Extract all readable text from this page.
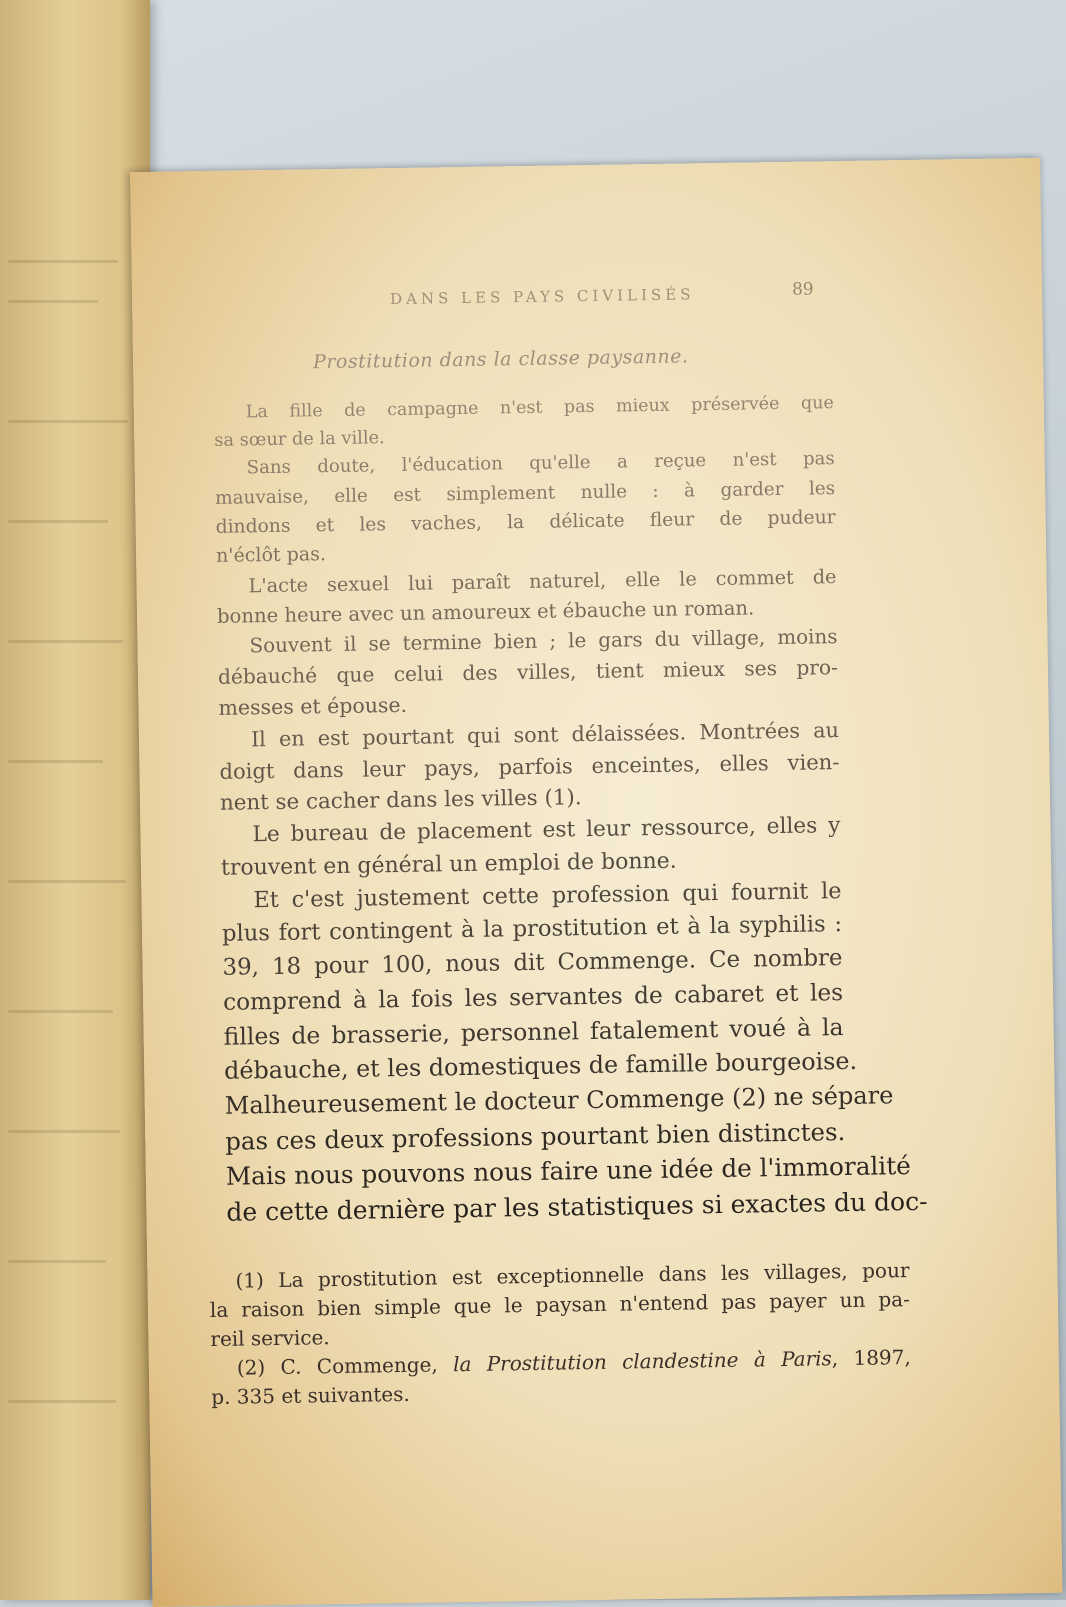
DANS LES PAYS CIVILISÉS	89
Prostitution dans la classe paysanne.
La fille de campagne n'est pas mieux préservée que
sa sœur de la ville.
Sans doute, l'éducation qu'elle a reçue n'est pas
mauvaise, elle est simplement nulle : à garder les
dindons et les vaches, la délicate fleur de pudeur
n'éclôt pas.
L'acte sexuel lui paraît naturel, elle le commet de
bonne heure avec un amoureux et ébauche un roman.
Souvent il se termine bien ; le gars du village, moins
débauché que celui des villes, tient mieux ses pro-
messes et épouse.
Il en est pourtant qui sont délaissées. Montrées au
doigt dans leur pays, parfois enceintes, elles vien-
nent se cacher dans les villes (1).
Le bureau de placement est leur ressource, elles y
trouvent en général un emploi de bonne.
Et c'est justement cette profession qui fournit le
plus fort contingent à la prostitution et à la syphilis :
39, 18 pour 100, nous dit Commenge. Ce nombre
comprend à la fois les servantes de cabaret et les
filles de brasserie, personnel fatalement voué à la
débauche, et les domestiques de famille bourgeoise.
Malheureusement le docteur Commenge (2) ne sépare
pas ces deux professions pourtant bien distinctes.
Mais nous pouvons nous faire une idée de l'immoralité
de cette dernière par les statistiques si exactes du doc-
(1) La prostitution est exceptionnelle dans les villages, pour
la raison bien simple que le paysan n'entend pas payer un pa-
reil service.
(2) C. Commenge, la Prostitution clandestine à Paris, 1897,
p. 335 et suivantes.
